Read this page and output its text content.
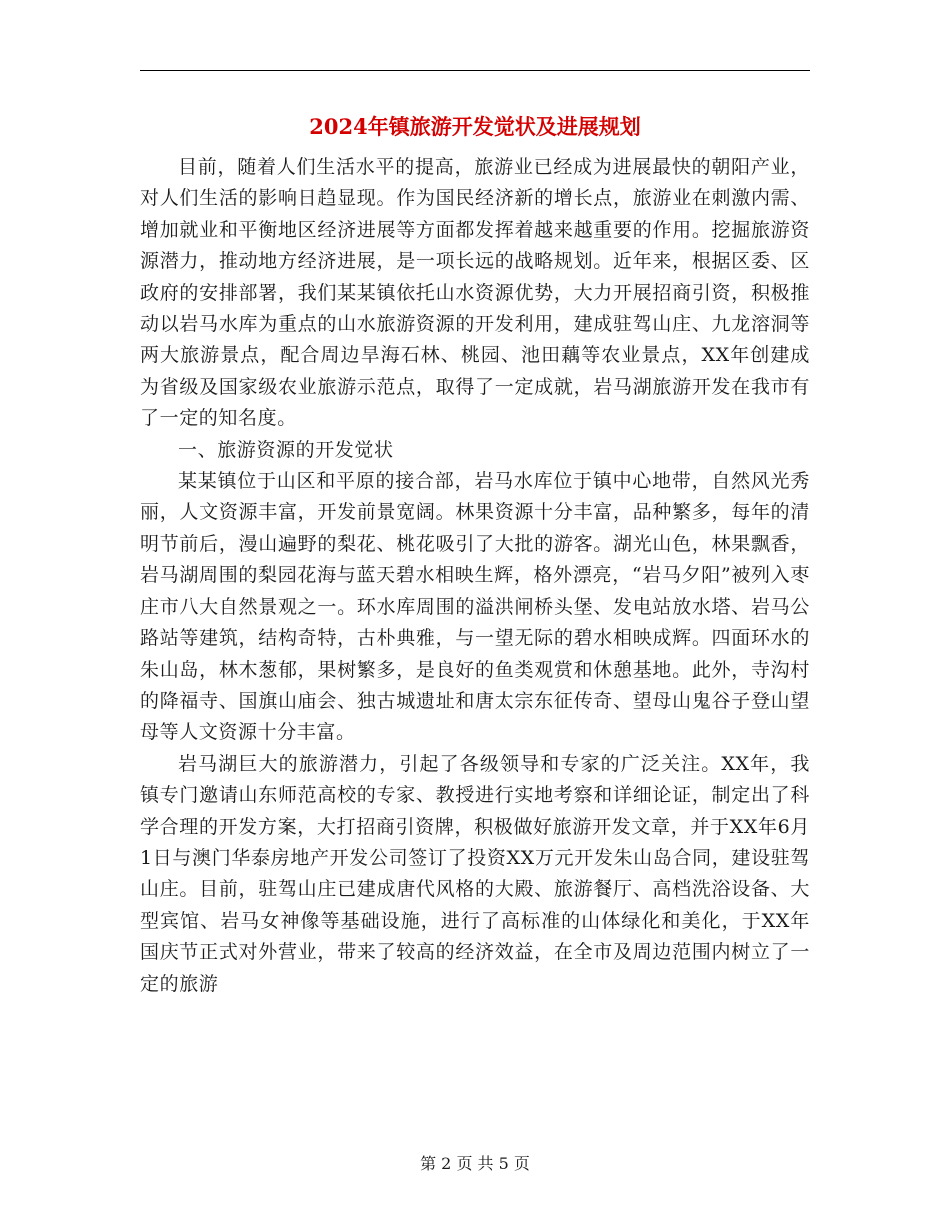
2024年镇旅游开发觉状及进展规划

目前，随着人们生活水平的提高，旅游业已经成为进展最快的朝阳产业，对人们生活的影响日趋显现。作为国民经济新的增长点，旅游业在刺激内需、增加就业和平衡地区经济进展等方面都发挥着越来越重要的作用。挖掘旅游资源潜力，推动地方经济进展，是一项长远的战略规划。近年来，根据区委、区政府的安排部署，我们某某镇依托山水资源优势，大力开展招商引资，积极推动以岩马水库为重点的山水旅游资源的开发利用，建成驻驾山庄、九龙溶洞等两大旅游景点，配合周边旱海石林、桃园、池田藕等农业景点，XX年创建成为省级及国家级农业旅游示范点，取得了一定成就，岩马湖旅游开发在我市有了一定的知名度。

一、旅游资源的开发觉状

某某镇位于山区和平原的接合部，岩马水库位于镇中心地带，自然风光秀丽，人文资源丰富，开发前景宽阔。林果资源十分丰富，品种繁多，每年的清明节前后，漫山遍野的梨花、桃花吸引了大批的游客。湖光山色，林果飘香，岩马湖周围的梨园花海与蓝天碧水相映生辉，格外漂亮，“岩马夕阳”被列入枣庄市八大自然景观之一。环水库周围的溢洪闸桥头堡、发电站放水塔、岩马公路站等建筑，结构奇特，古朴典雅，与一望无际的碧水相映成辉。四面环水的朱山岛，林木葱郁，果树繁多，是良好的鱼类观赏和休憩基地。此外，寺沟村的降福寺、国旗山庙会、独古城遗址和唐太宗东征传奇、望母山鬼谷子登山望母等人文资源十分丰富。

岩马湖巨大的旅游潜力，引起了各级领导和专家的广泛关注。XX年，我镇专门邀请山东师范高校的专家、教授进行实地考察和详细论证，制定出了科学合理的开发方案，大打招商引资牌，积极做好旅游开发文章，并于XX年6月1日与澳门华泰房地产开发公司签订了投资XX万元开发朱山岛合同，建设驻驾山庄。目前，驻驾山庄已建成唐代风格的大殿、旅游餐厅、高档洗浴设备、大型宾馆、岩马女神像等基础设施，进行了高标准的山体绿化和美化，于XX年国庆节正式对外营业，带来了较高的经济效益，在全市及周边范围内树立了一定的旅游

第 2 页 共 5 页
